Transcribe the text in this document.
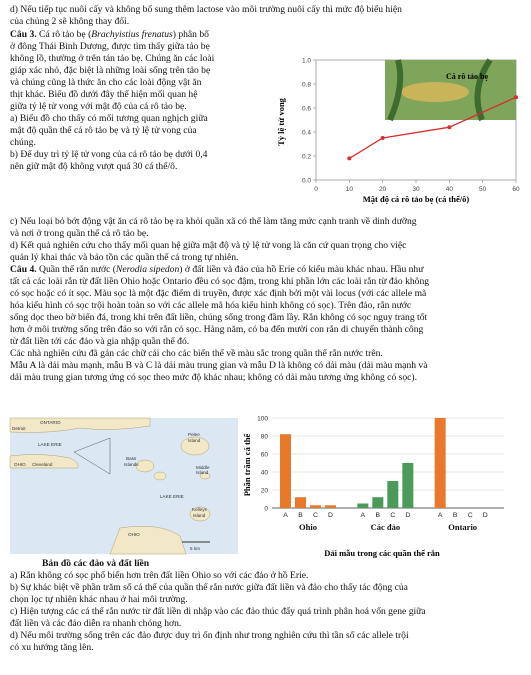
d) Nếu tiếp tục nuôi cấy và không bổ sung thêm lactose vào môi trường nuôi cấy thì mức độ biểu hiện
của chủng 2 sẽ không thay đổi.
Câu 3. Cá rô tảo bẹ (Brachyistius frenatus) phân bố
ở đông Thái Bình Dương, được tìm thấy giữa tảo bẹ
không lồ, thường ở trên tán tảo bẹ. Chúng ăn các loài
giáp xác nhỏ, đặc biệt là những loài sống trên tảo bẹ
và chúng cũng là thức ăn cho các loài động vật ăn
thịt khác. Biểu đồ dưới đây thể hiện mối quan hệ
giữa tỷ lệ tử vong với mật độ của cá rô tảo bẹ.
a) Biểu đồ cho thấy có mối tương quan nghịch giữa
mật độ quần thể cá rô tảo bẹ và tỷ lệ tử vong của
chúng.
b) Để duy trì tỷ lệ tử vong của cá rô tảo bẹ dưới 0,4
nên giữ mật độ không vượt quá 30 cá thể/ô.
Cá rô tảo bẹ
0.0
0.2
0.4
0.6
0.8
1.0
0	10	20	30	40	50	60
Tỷ lệ tử vong
Mật độ cá rô tảo bẹ (cá thể/ô)
c) Nếu loại bỏ bớt động vật ăn cá rô tảo bẹ ra khỏi quần xã có thể làm tăng mức cạnh tranh về dinh dưỡng
và nơi ở trong quần thể cá rô tảo bẹ.
d) Kết quả nghiên cứu cho thấy mối quan hệ giữa mật độ và tỷ lệ tử vong là căn cứ quan trọng cho việc
quản lý khai thác và bảo tồn các quần thể cá trong tự nhiên.
Câu 4. Quần thể rắn nước (Nerodia sipedon) ở đất liền và đảo của hồ Erie có kiểu màu khác nhau. Hầu như
tất cả các loài rắn từ đất liền Ohio hoặc Ontario đều có sọc đậm, trong khi phần lớn các loài rắn từ đảo không
có sọc hoặc có ít sọc. Màu sọc là một đặc điểm di truyền, được xác định bởi một vài locus (với các allele mã
hóa kiểu hình có sọc trội hoàn toàn so với các allele mã hóa kiểu hình không có sọc). Trên đảo, rắn nước
sống dọc theo bờ biển đá, trong khi trên đất liền, chúng sống trong đầm lầy. Rắn không có sọc nguy trang tốt
hơn ở môi trường sống trên đảo so với rắn có sọc. Hàng năm, có ba đến mười con rắn di chuyển thành công
từ đất liền tới các đảo và gia nhập quần thể đó.
Các nhà nghiên cứu đã gán các chữ cái cho các biến thể về màu sắc trong quần thể rắn nước trên.
Mẫu A là dải màu mạnh, mẫu B và C là dải màu trung gian và mẫu D là không có dải màu (dải màu mạnh và
dải màu trung gian tương ứng có sọc theo mức độ khác nhau; không có dải màu tương ứng không có sọc).
ONTARIO
Detroit
LAKE ERIE
OHIO Cleveland
Pelee
Island
Bass
Islands
Middle
Island
LAKE ERIE
Kelleys
Island
OHIO
5 km
Bản đồ các đảo và đất liền
0
20
40
60
80
100
A B C D	A B C D	A B C D
Ohio	Các đảo	Ontario
Phần trăm cá thể
Dải mẫu trong các quần thể rắn
a) Rắn không có sọc phổ biến hơn trên đất liền Ohio so với các đảo ở hồ Erie.
b) Sự khác biệt về phần trăm số cá thể của quần thể rắn nước giữa đất liền và đảo cho thấy tác động của
chọn lọc tự nhiên khác nhau ở hai môi trường.
c) Hiện tượng các cá thể rắn nước từ đất liền di nhập vào các đảo thúc đẩy quá trình phân hoá vốn gene giữa
đất liền và các đảo diễn ra nhanh chóng hơn.
d) Nếu môi trường sống trên các đảo được duy trì ổn định như trong nghiên cứu thì tần số các allele trội
có xu hướng tăng lên.
